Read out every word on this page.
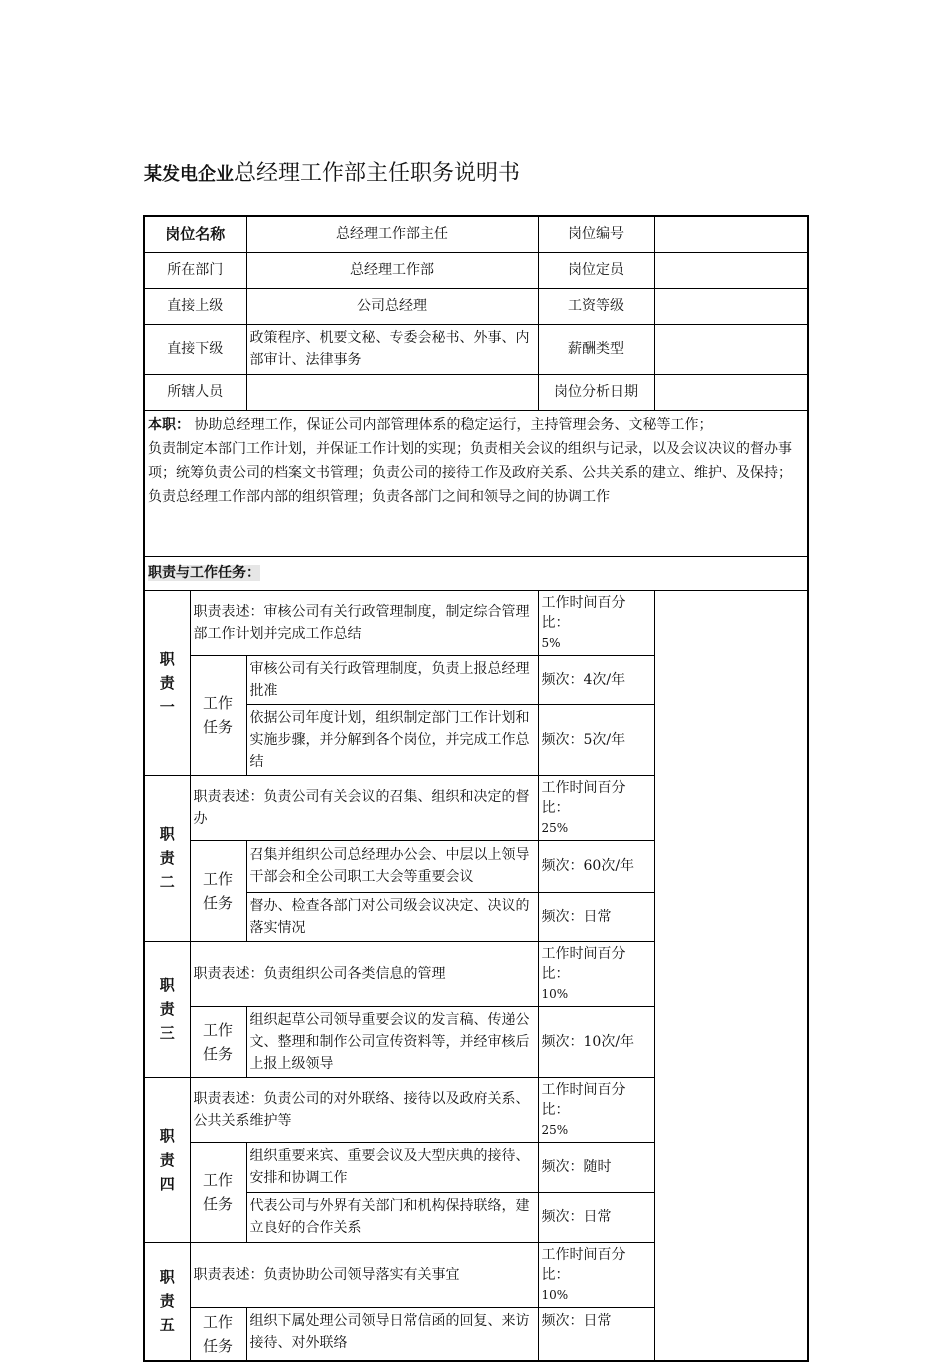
某发电企业总经理工作部主任职务说明书
岗位名称		总经理工作部主任	岗位编号	
所在部门		总经理工作部	岗位定员	
直接上级		公司总经理	工资等级	
直接下级		政策程序、机要文秘、专委会秘书、外事、内部审计、法律事务	薪酬类型	
所辖人员			岗位分析日期	
本职： 协助总经理工作，保证公司内部管理体系的稳定运行，主持管理会务、文秘等工作；
负责制定本部门工作计划，并保证工作计划的实现；负责相关会议的组织与记录，以及会议决议的督办事项；统筹负责公司的档案文书管理；负责公司的接待工作及政府关系、公共关系的建立、维护、及保持；负责总经理工作部内部的组织管理；负责各部门之间和领导之间的协调工作				
职责与工作任务：				
职责一	职责表述：审核公司有关行政管理制度，制定综合管理部工作计划并完成工作总结		工作时间百分比：
5%	
	工作任务	审核公司有关行政管理制度，负责上报总经理批准	频次：4次/年	
		依据公司年度计划，组织制定部门工作计划和实施步骤，并分解到各个岗位，并完成工作总结	频次：5次/年	
职责二	职责表述：负责公司有关会议的召集、组织和决定的督办		工作时间百分比：
25%	
	工作任务	召集并组织公司总经理办公会、中层以上领导干部会和全公司职工大会等重要会议	频次：60次/年	
		督办、检查各部门对公司级会议决定、决议的落实情况	频次：日常	
职责三	职责表述：负责组织公司各类信息的管理		工作时间百分比：
10%	
	工作任务	组织起草公司领导重要会议的发言稿、传递公文、整理和制作公司宣传资料等，并经审核后上报上级领导	频次：10次/年	
职责四	职责表述：负责公司的对外联络、接待以及政府关系、公共关系维护等		工作时间百分比：
25%	
	工作任务	组织重要来宾、重要会议及大型庆典的接待、安排和协调工作	频次：随时	
		代表公司与外界有关部门和机构保持联络，建立良好的合作关系	频次：日常	
职责五	职责表述：负责协助公司领导落实有关事宜		工作时间百分比：
10%	
	工作任务	组织下属处理公司领导日常信函的回复、来访接待、对外联络	频次：日常	
